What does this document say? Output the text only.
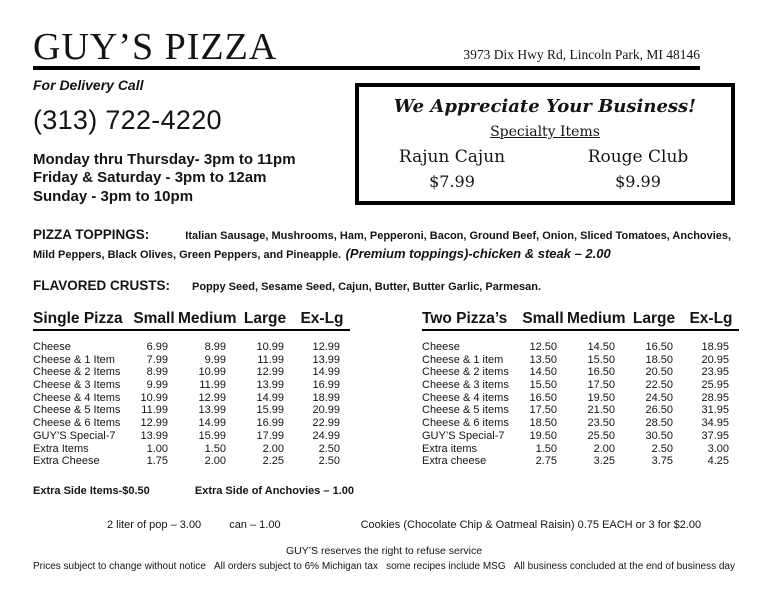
GUY’S PIZZA	3973 Dix Hwy Rd, Lincoln Park, MI 48146
For Delivery Call
(313) 722-4220
Monday thru Thursday- 3pm to 11pm
Friday & Saturday - 3pm to 12am
Sunday - 3pm to 10pm
We Appreciate Your Business!
Specialty Items
Rajun Cajun
$7.99
Rouge Club
$9.99
PIZZA TOPPINGS:	Italian Sausage, Mushrooms, Ham, Pepperoni, Bacon, Ground Beef, Onion, Sliced Tomatoes, Anchovies, Mild Peppers, Black Olives, Green Peppers, and Pineapple. (Premium toppings)-chicken & steak – 2.00
FLAVORED CRUSTS: Poppy Seed, Sesame Seed, Cajun, Butter, Butter Garlic, Parmesan.
Single Pizza Small Medium Large Ex-Lg
Cheese	6.99	8.99	10.99	12.99
Cheese & 1 Item	7.99	9.99	11.99	13.99
Cheese & 2 Items	8.99	10.99	12.99	14.99
Cheese & 3 Items	9.99	11.99	13.99	16.99
Cheese & 4 Items	10.99	12.99	14.99	18.99
Cheese & 5 Items	11.99	13.99	15.99	20.99
Cheese & 6 Items	12.99	14.99	16.99	22.99
GUY’S Special-7	13.99	15.99	17.99	24.99
Extra Items	1.00	1.50	2.00	2.50
Extra Cheese	1.75	2.00	2.25	2.50
Two Pizza’s Small Medium Large Ex-Lg
Cheese	12.50	14.50	16.50	18.95
Cheese & 1 item	13.50	15.50	18.50	20.95
Cheese & 2 items	14.50	16.50	20.50	23.95
Cheese & 3 items	15.50	17.50	22.50	25.95
Cheese & 4 items	16.50	19.50	24.50	28.95
Cheese & 5 items	17.50	21.50	26.50	31.95
Cheese & 6 items	18.50	23.50	28.50	34.95
GUY’S Special-7	19.50	25.50	30.50	37.95
Extra items	1.50	2.00	2.50	3.00
Extra cheese	2.75	3.25	3.75	4.25
Extra Side Items-$0.50	Extra Side of Anchovies – 1.00
2 liter of pop – 3.00	can – 1.00	Cookies (Chocolate Chip & Oatmeal Raisin) 0.75 EACH or 3 for $2.00
GUY’S reserves the right to refuse service
Prices subject to change without notice All orders subject to 6% Michigan tax some recipes include MSG All business concluded at the end of business day
